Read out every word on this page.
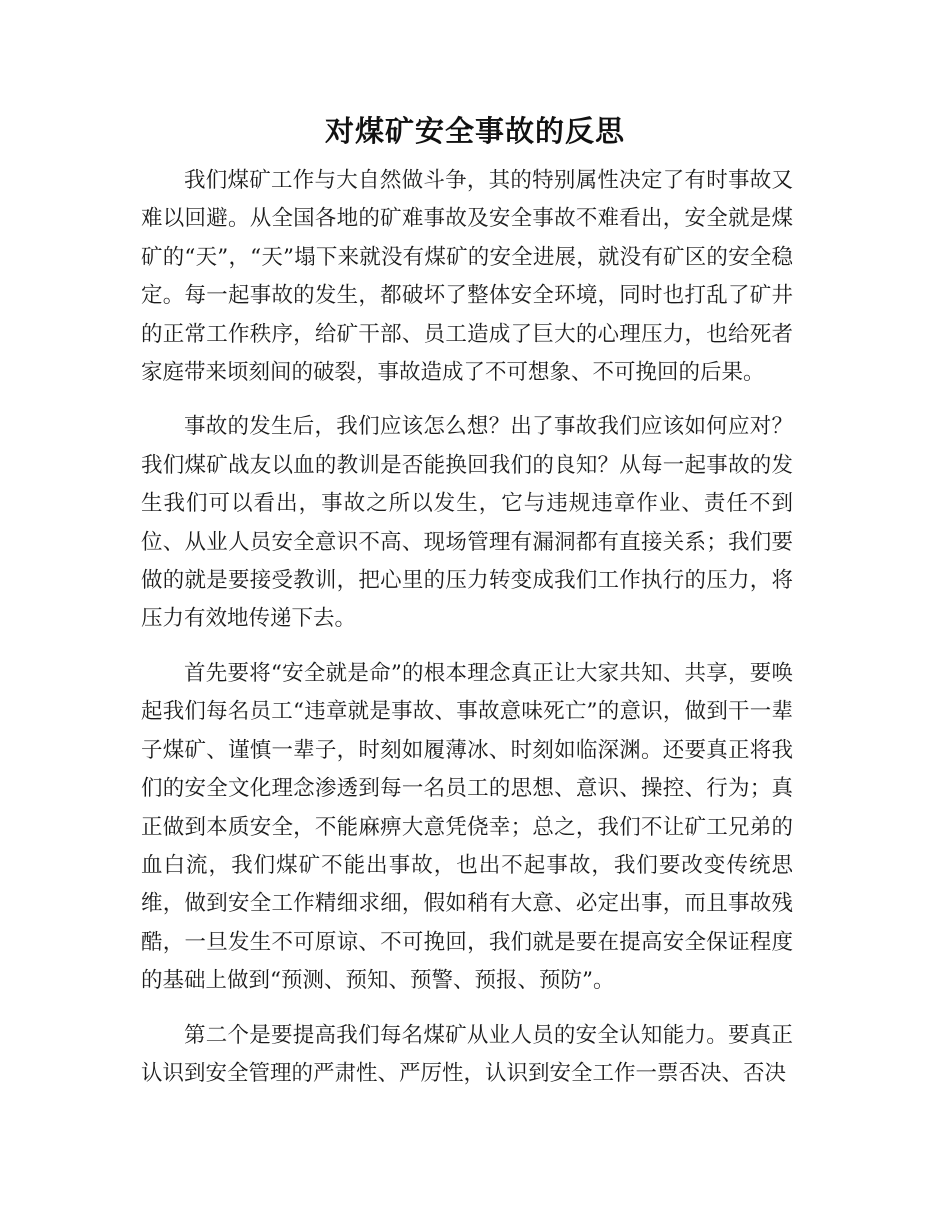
对煤矿安全事故的反思

我们煤矿工作与大自然做斗争，其的特别属性决定了有时事故又难以回避。从全国各地的矿难事故及安全事故不难看出，安全就是煤矿的“天”，“天”塌下来就没有煤矿的安全进展，就没有矿区的安全稳定。每一起事故的发生，都破坏了整体安全环境，同时也打乱了矿井的正常工作秩序，给矿干部、员工造成了巨大的心理压力，也给死者家庭带来顷刻间的破裂，事故造成了不可想象、不可挽回的后果。

事故的发生后，我们应该怎么想？出了事故我们应该如何应对？我们煤矿战友以血的教训是否能换回我们的良知？从每一起事故的发生我们可以看出，事故之所以发生，它与违规违章作业、责任不到位、从业人员安全意识不高、现场管理有漏洞都有直接关系；我们要做的就是要接受教训，把心里的压力转变成我们工作执行的压力，将压力有效地传递下去。

首先要将“安全就是命”的根本理念真正让大家共知、共享，要唤起我们每名员工“违章就是事故、事故意味死亡”的意识，做到干一辈子煤矿、谨慎一辈子，时刻如履薄冰、时刻如临深渊。还要真正将我们的安全文化理念渗透到每一名员工的思想、意识、操控、行为；真正做到本质安全，不能麻痹大意凭侥幸；总之，我们不让矿工兄弟的血白流，我们煤矿不能出事故，也出不起事故，我们要改变传统思维，做到安全工作精细求细，假如稍有大意、必定出事，而且事故残酷，一旦发生不可原谅、不可挽回，我们就是要在提高安全保证程度的基础上做到“预测、预知、预警、预报、预防”。

第二个是要提高我们每名煤矿从业人员的安全认知能力。要真正认识到安全管理的严肃性、严厉性，认识到安全工作一票否决、否决
